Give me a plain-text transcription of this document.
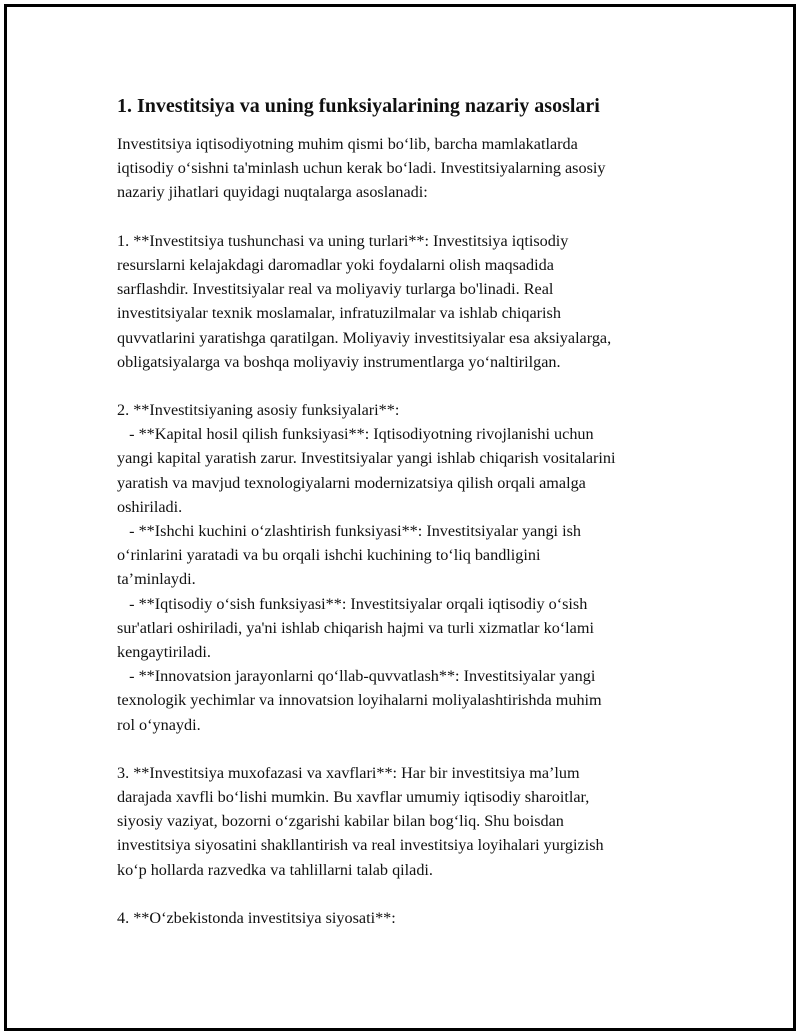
1. Investitsiya va uning funksiyalarining nazariy asoslari
Investitsiya iqtisodiyotning muhim qismi bo‘lib, barcha mamlakatlarda
iqtisodiy o‘sishni ta'minlash uchun kerak bo‘ladi. Investitsiyalarning asosiy
nazariy jihatlari quyidagi nuqtalarga asoslanadi:
1. **Investitsiya tushunchasi va uning turlari**: Investitsiya iqtisodiy
resurslarni kelajakdagi daromadlar yoki foydalarni olish maqsadida
sarflashdir. Investitsiyalar real va moliyaviy turlarga bo'linadi. Real
investitsiyalar texnik moslamalar, infratuzilmalar va ishlab chiqarish
quvvatlarini yaratishga qaratilgan. Moliyaviy investitsiyalar esa aksiyalarga,
obligatsiyalarga va boshqa moliyaviy instrumentlarga yo‘naltirilgan.
2. **Investitsiyaning asosiy funksiyalari**:
- **Kapital hosil qilish funksiyasi**: Iqtisodiyotning rivojlanishi uchun
yangi kapital yaratish zarur. Investitsiyalar yangi ishlab chiqarish vositalarini
yaratish va mavjud texnologiyalarni modernizatsiya qilish orqali amalga
oshiriladi.
- **Ishchi kuchini o‘zlashtirish funksiyasi**: Investitsiyalar yangi ish
o‘rinlarini yaratadi va bu orqali ishchi kuchining to‘liq bandligini
ta’minlaydi.
- **Iqtisodiy o‘sish funksiyasi**: Investitsiyalar orqali iqtisodiy o‘sish
sur'atlari oshiriladi, ya'ni ishlab chiqarish hajmi va turli xizmatlar ko‘lami
kengaytiriladi.
- **Innovatsion jarayonlarni qo‘llab-quvvatlash**: Investitsiyalar yangi
texnologik yechimlar va innovatsion loyihalarni moliyalashtirishda muhim
rol o‘ynaydi.
3. **Investitsiya muxofazasi va xavflari**: Har bir investitsiya ma’lum
darajada xavfli bo‘lishi mumkin. Bu xavflar umumiy iqtisodiy sharoitlar,
siyosiy vaziyat, bozorni o‘zgarishi kabilar bilan bog‘liq. Shu boisdan
investitsiya siyosatini shakllantirish va real investitsiya loyihalari yurgizish
ko‘p hollarda razvedka va tahlillarni talab qiladi.
4. **O‘zbekistonda investitsiya siyosati**:
